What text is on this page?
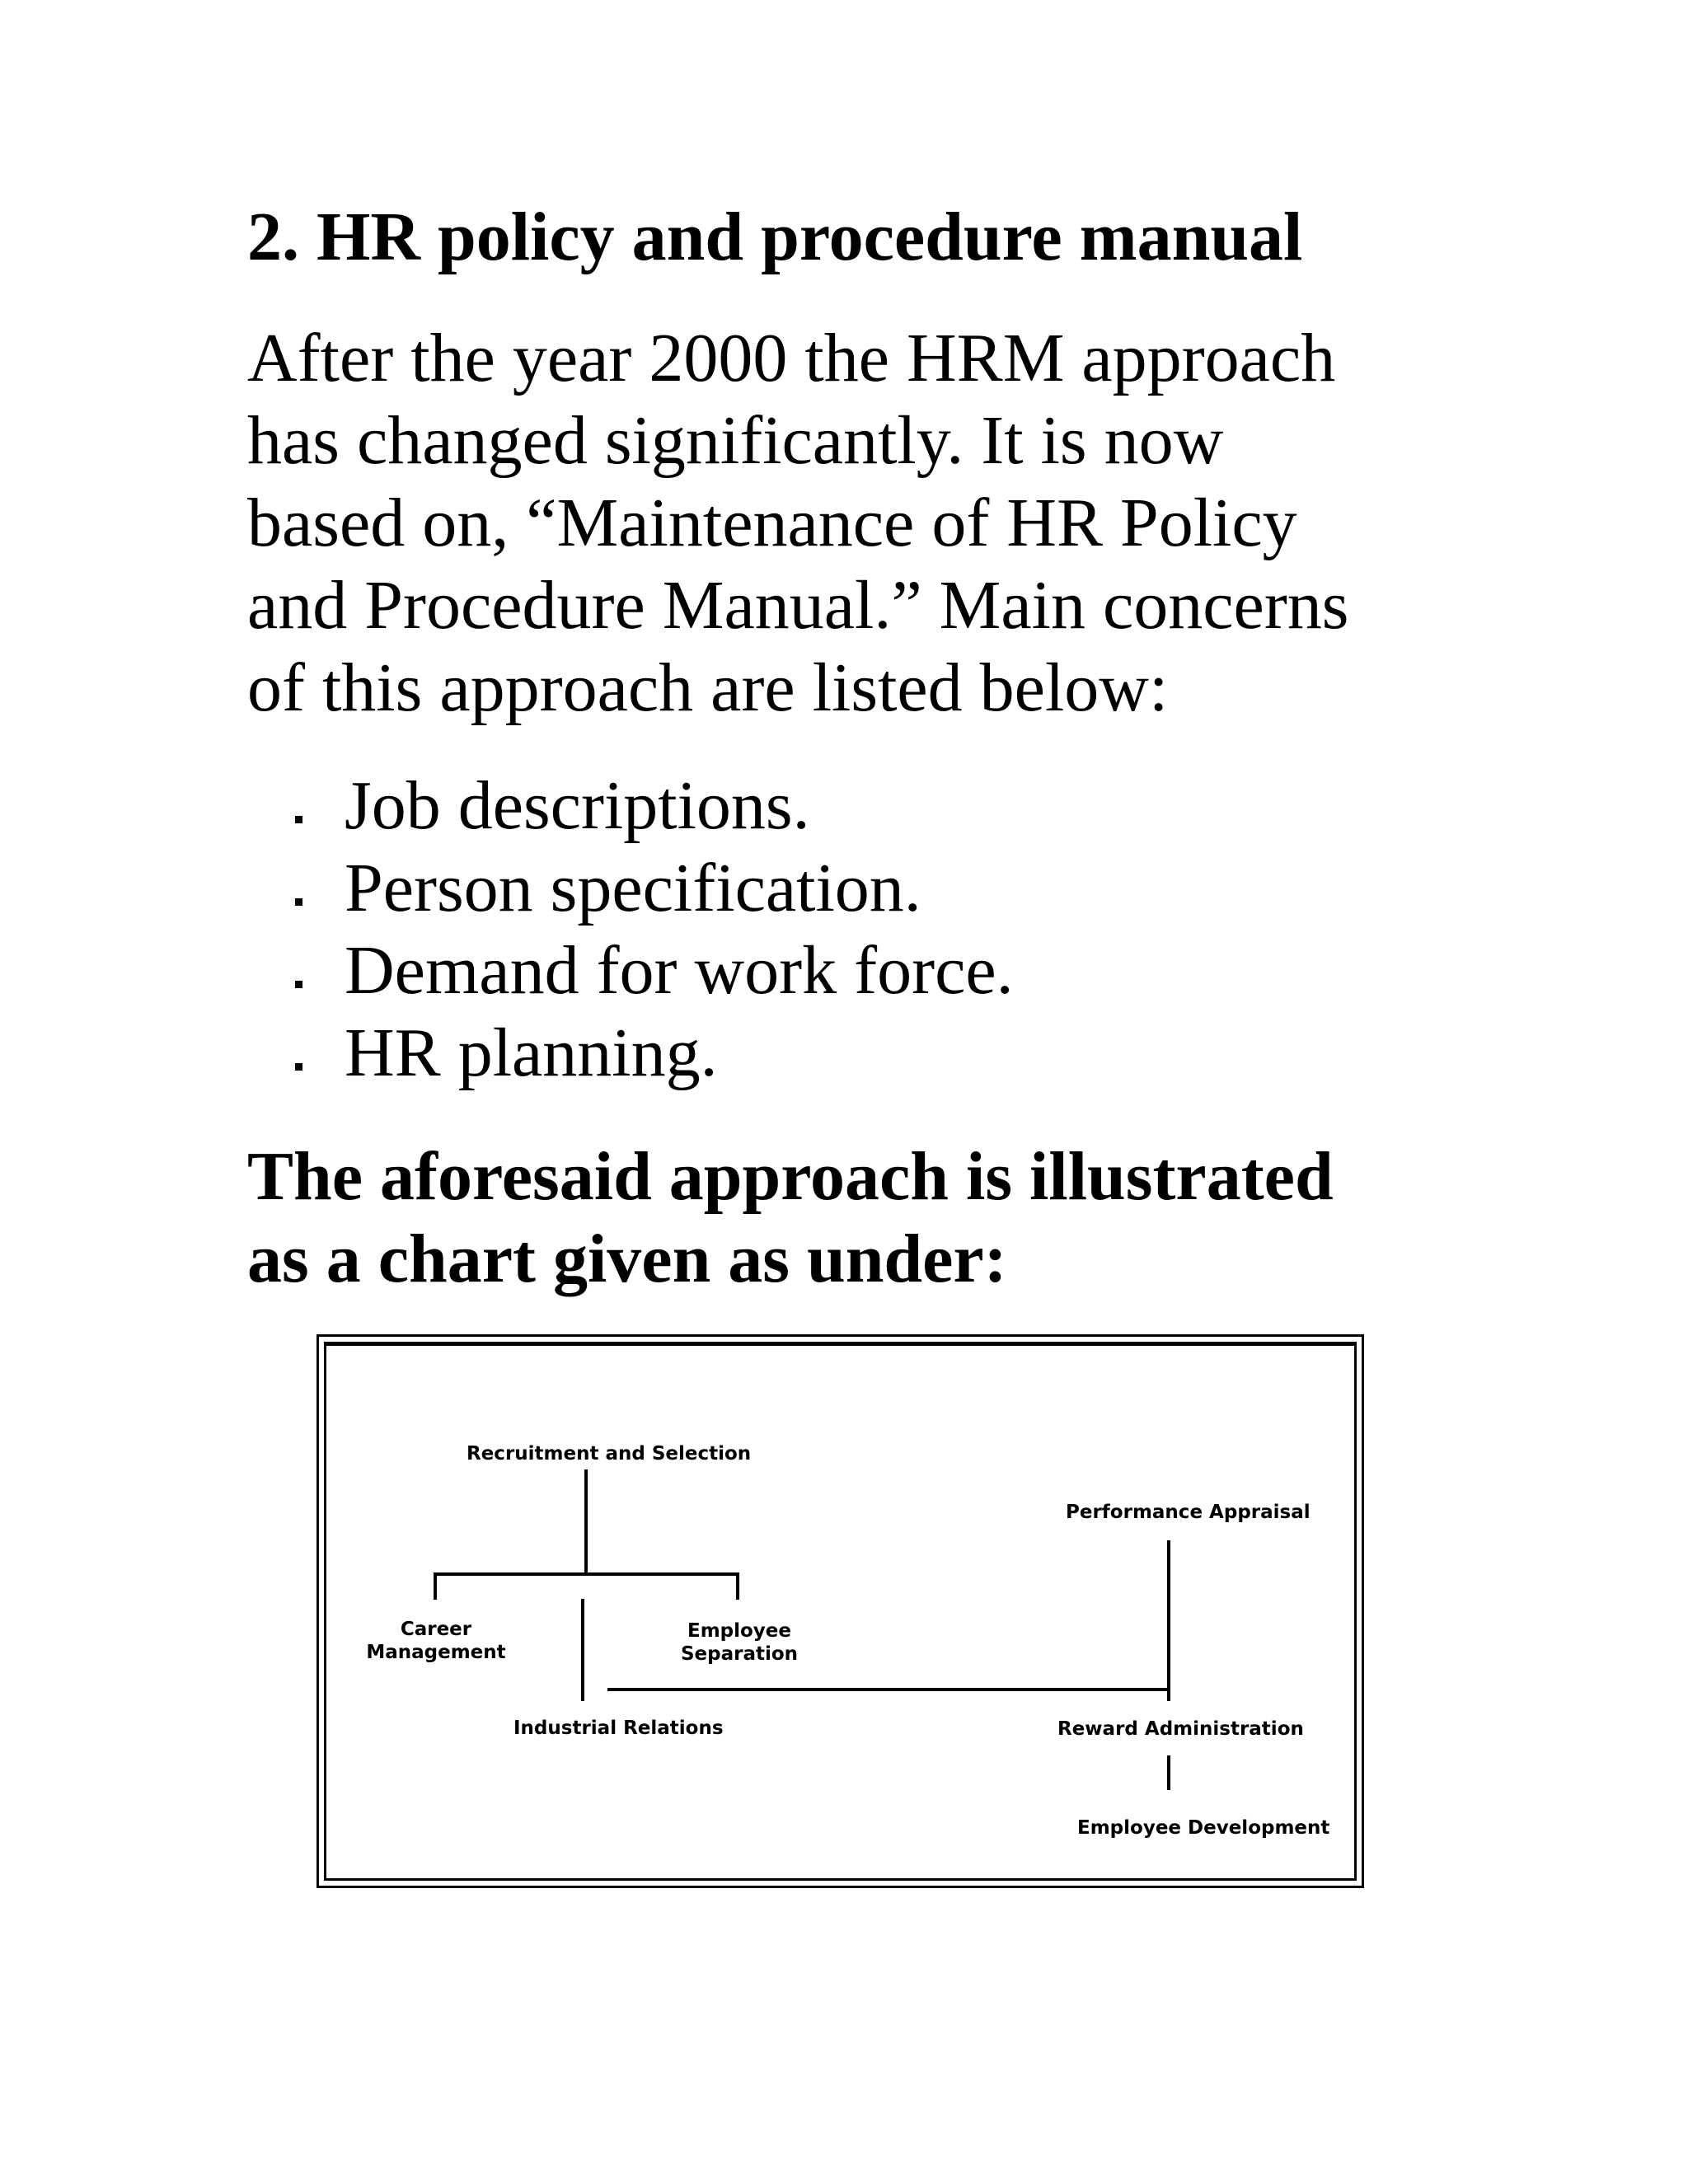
2. HR policy and procedure manual
After the year 2000 the HRM approach
has changed significantly. It is now
based on, “Maintenance of HR Policy
and Procedure Manual.” Main concerns
of this approach are listed below:
Job descriptions.
Person specification.
Demand for work force.
HR planning.
The aforesaid approach is illustrated
as a chart given as under:
Recruitment and Selection
Career
Management
Employee
Separation
Industrial Relations
Performance Appraisal
Reward Administration
Employee Development
